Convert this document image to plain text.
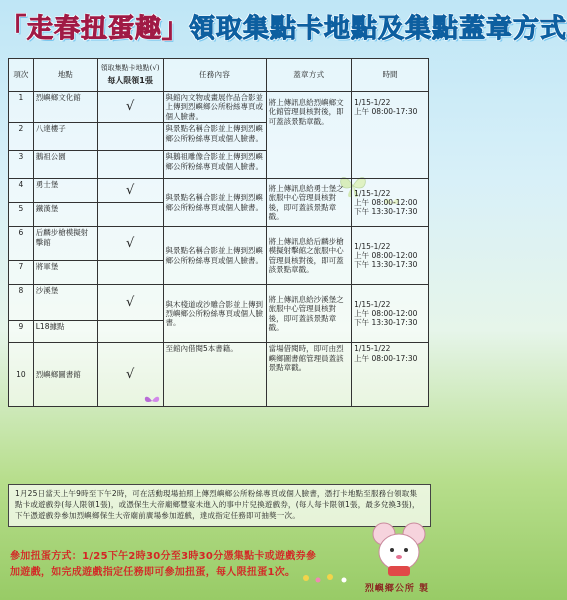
「走春扭蛋趣」領取集點卡地點及集點蓋章方式
項次	地點	領取集點卡地點(√)
每人限領1張	任務內容	蓋章方式	時間
1	烈嶼鄉文化館	√	與館內文物或畫展作品合影並上傳到烈嶼鄉公所粉絲專頁或個人臉書。	將上傳訊息給烈嶼鄉文化館管理員核對後，即可蓋該景點章戳。	1/15-1/22
上午 08:00-17:30

2	八達樓子		與景點名稱合影並上傳到烈嶼鄉公所粉絲專頁或個人臉書。		
3	鵝祖公園		與鵝祖雕像合影並上傳到烈嶼鄉公所粉絲專頁或個人臉書。		
4	勇士堡	√	與景點名稱合影並上傳到烈嶼鄉公所粉絲專頁或個人臉書。	將上傳訊息給勇士堡之旅服中心管理員核對後，即可蓋該景點章戳。	1/15-1/22
上午 08:00-12:00
下午 13:30-17:30

5	鐵漢堡				
6	后麟步槍模擬射擊館	√	與景點名稱合影並上傳到烈嶼鄉公所粉絲專頁或個人臉書。	將上傳訊息給后麟步槍模擬射擊館之旅服中心管理員核對後，即可蓋該景點章戳。	1/15-1/22
上午 08:00-12:00
下午 13:30-17:30

7	將軍堡				
8	沙溪堡	√	與木棧道或沙雕合影並上傳到烈嶼鄉公所粉絲專頁或個人臉書。	將上傳訊息給沙溪堡之旅服中心管理員核對後，即可蓋該景點章戳。	1/15-1/22
上午 08:00-12:00
下午 13:30-17:30

9	L18據點				
10	烈嶼鄉圖書館	√	至館內借閱5本書籍。	當場借閱時，即可由烈嶼鄉圖書館管理員蓋該景點章戳。	1/15-1/22
上午 08:00-17:30
1月25日當天上午9時至下午2時，可在活動現場拍照上傳烈嶼鄉公所粉絲專頁或個人臉書，憑打卡地點至服務台領取集點卡或遊戲券(每人限領1張)，或憑保生大帝廟鄉豐宴未進入的事中片兒換遊戲券，(每人每卡限領1張，最多兌換3張)，下午憑遊戲券參加烈嶼鄉保生大帝廟前廣場參加遊戲，達成指定任務即可抽獎一次。
參加扭蛋方式：1/25下午2時30分至3時30分憑集點卡或遊戲券參
加遊戲，如完成遊戲指定任務即可參加扭蛋，每人限扭蛋1次。
烈嶼鄉公所 製
